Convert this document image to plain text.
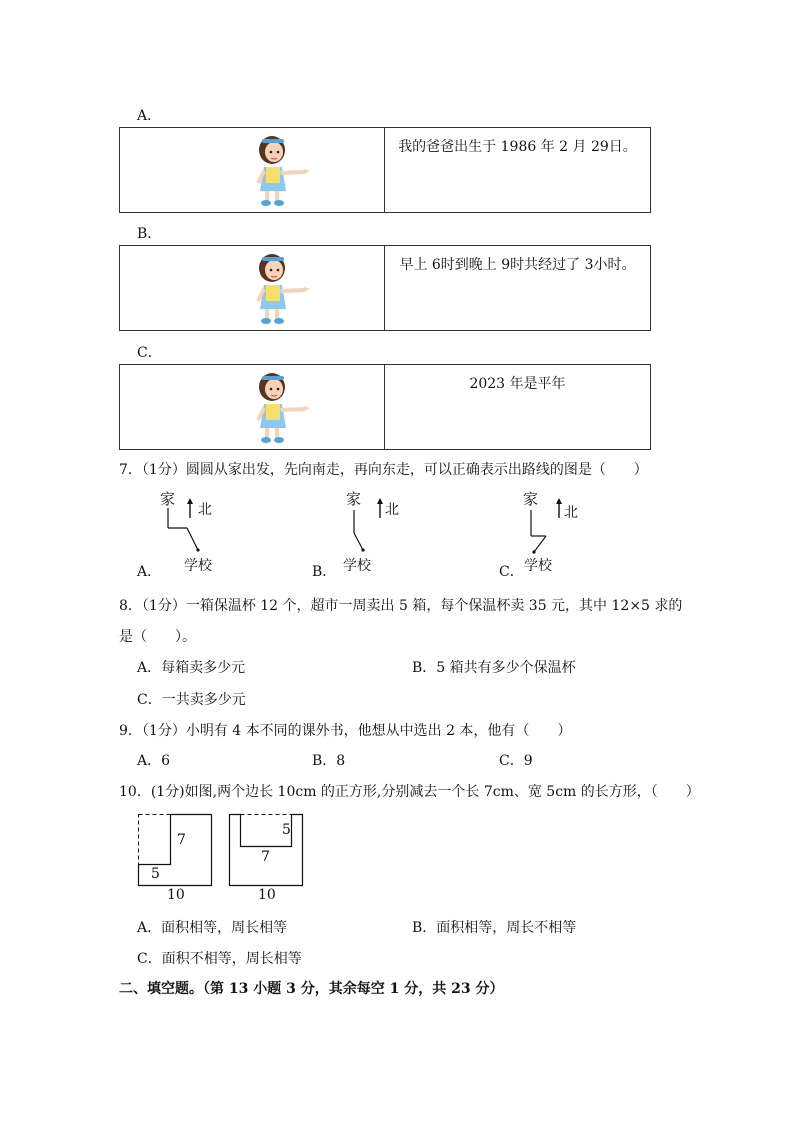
A．
我的爸爸出生于 1986 年 2 月 29日。
B．
早上 6时到晚上 9时共经过了 3小时。
C．
2023 年是平年
7．（1分）圆圆从家出发，先向南走，再向东走，可以正确表示出路线的图是（　　）
家
北
学校
A．
家
北
学校
B．
家
北
学校
C．
8．（1分）一箱保温杯 12 个，超市一周卖出 5 箱，每个保温杯卖 35 元，其中 12×5 求的
是（　　）。
A．每箱卖多少元	B．5 箱共有多少个保温杯
C．一共卖多少元
9．（1分）小明有 4 本不同的课外书，他想从中选出 2 本，他有（　　）
A．6	B．8	C．9
10．(1分)如图,两个边长 10cm 的正方形,分别减去一个长 7cm、宽 5cm 的长方形，（　　）
7
5
10
5
7
10
A．面积相等，周长相等	B．面积相等，周长不相等
C．面积不相等，周长相等
二、填空题。（第 13 小题 3 分，其余每空 1 分，共 23 分）
